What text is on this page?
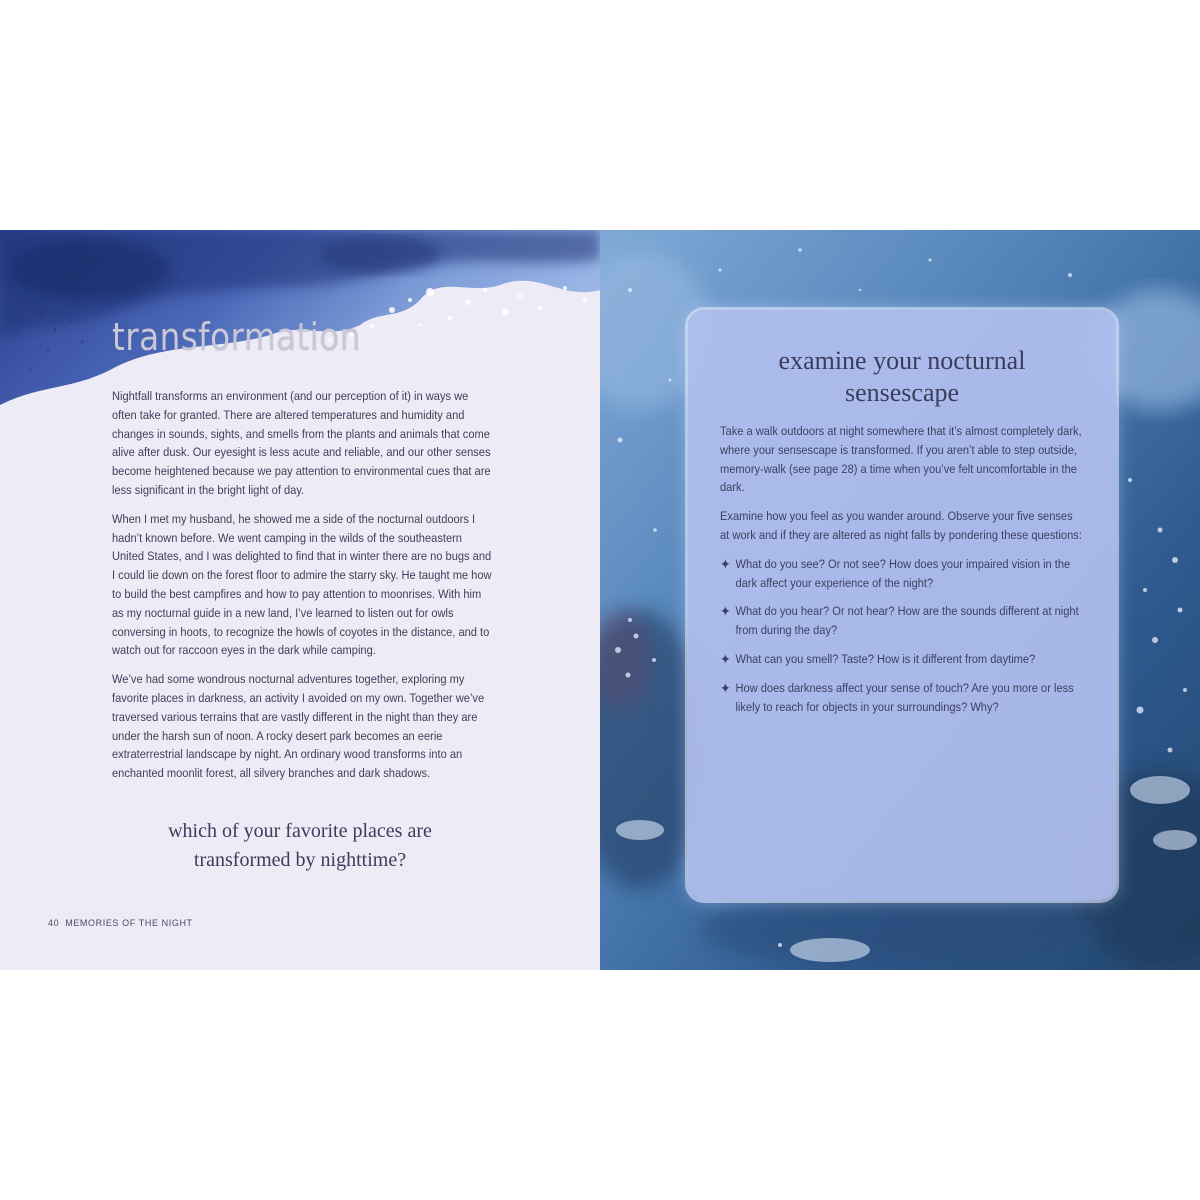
transformation

Nightfall transforms an environment (and our perception of it) in ways we often take for granted. There are altered temperatures and humidity and changes in sounds, sights, and smells from the plants and animals that come alive after dusk. Our eyesight is less acute and reliable, and our other senses become heightened because we pay attention to environmental cues that are less significant in the bright light of day.

When I met my husband, he showed me a side of the nocturnal outdoors I hadn’t known before. We went camping in the wilds of the southeastern United States, and I was delighted to find that in winter there are no bugs and I could lie down on the forest floor to admire the starry sky. He taught me how to build the best campfires and how to pay attention to moonrises. With him as my nocturnal guide in a new land, I’ve learned to listen out for owls conversing in hoots, to recognize the howls of coyotes in the distance, and to watch out for raccoon eyes in the dark while camping.

We’ve had some wondrous nocturnal adventures together, exploring my favorite places in darkness, an activity I avoided on my own. Together we’ve traversed various terrains that are vastly different in the night than they are under the harsh sun of noon. A rocky desert park becomes an eerie extraterrestrial landscape by night. An ordinary wood transforms into an enchanted moonlit forest, all silvery branches and dark shadows.

which of your favorite places are
transformed by nighttime?
40 MEMORIES OF THE NIGHT
examine your nocturnal
sensescape

Take a walk outdoors at night somewhere that it’s almost completely dark, where your sensescape is transformed. If you aren’t able to step outside, memory-walk (see page 28) a time when you’ve felt uncomfortable in the dark.

Examine how you feel as you wander around. Observe your five senses at work and if they are altered as night falls by pondering these questions:

✦ What do you see? Or not see? How does your impaired vision in the dark affect your experience of the night?
✦ What do you hear? Or not hear? How are the sounds different at night from during the day?
✦ What can you smell? Taste? How is it different from daytime?
✦ How does darkness affect your sense of touch? Are you more or less likely to reach for objects in your surroundings? Why?
